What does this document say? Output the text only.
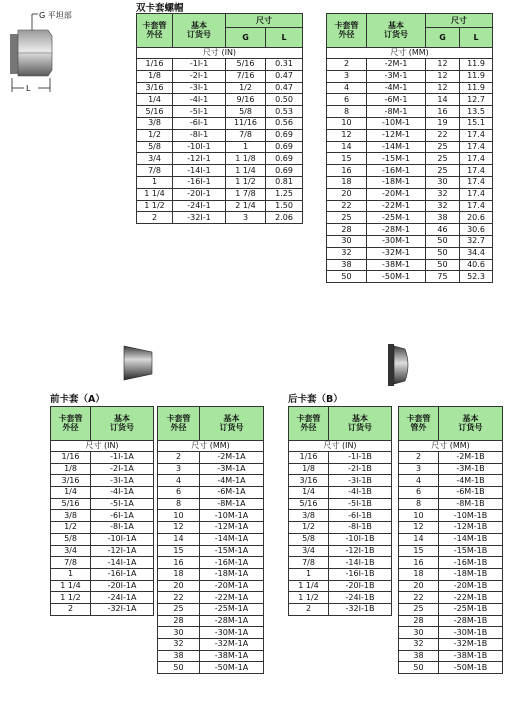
G 平坦部
L
双卡套螺帽
卡套管
外径	基本
订货号	尺寸	
		G	L
尺寸 (IN)			
1/16	-1I-1	5/16	0.31
1/8	-2I-1	7/16	0.47
3/16	-3I-1	1/2	0.47
1/4	-4I-1	9/16	0.50
5/16	-5I-1	5/8	0.53
3/8	-6I-1	11/16	0.56
1/2	-8I-1	7/8	0.69
5/8	-10I-1	1	0.69
3/4	-12I-1	1 1/8	0.69
7/8	-14I-1	1 1/4	0.69
1	-16I-1	1 1/2	0.81
1 1/4	-20I-1	1 7/8	1.25
1 1/2	-24I-1	2 1/4	1.50
2	-32I-1	3	2.06
卡套管
外径	基本
订货号	尺寸	
		G	L
尺寸 (MM)			
2	-2M-1	12	11.9
3	-3M-1	12	11.9
4	-4M-1	12	11.9
6	-6M-1	14	12.7
8	-8M-1	16	13.5
10	-10M-1	19	15.1
12	-12M-1	22	17.4
14	-14M-1	25	17.4
15	-15M-1	25	17.4
16	-16M-1	25	17.4
18	-18M-1	30	17.4
20	-20M-1	32	17.4
22	-22M-1	32	17.4
25	-25M-1	38	20.6
28	-28M-1	46	30.6
30	-30M-1	50	32.7
32	-32M-1	50	34.4
38	-38M-1	50	40.6
50	-50M-1	75	52.3
前卡套（A）
卡套管
外径	基本
订货号
尺寸 (IN)	
1/16	-1I-1A
1/8	-2I-1A
3/16	-3I-1A
1/4	-4I-1A
5/16	-5I-1A
3/8	-6I-1A
1/2	-8I-1A
5/8	-10I-1A
3/4	-12I-1A
7/8	-14I-1A
1	-16I-1A
1 1/4	-20I-1A
1 1/2	-24I-1A
2	-32I-1A
卡套管
外径	基本
订货号
尺寸 (MM)	
2	-2M-1A
3	-3M-1A
4	-4M-1A
6	-6M-1A
8	-8M-1A
10	-10M-1A
12	-12M-1A
14	-14M-1A
15	-15M-1A
16	-16M-1A
18	-18M-1A
20	-20M-1A
22	-22M-1A
25	-25M-1A
28	-28M-1A
30	-30M-1A
32	-32M-1A
38	-38M-1A
50	-50M-1A
后卡套（B）
卡套管
外径	基本
订货号
尺寸 (IN)	
1/16	-1I-1B
1/8	-2I-1B
3/16	-3I-1B
1/4	-4I-1B
5/16	-5I-1B
3/8	-6I-1B
1/2	-8I-1B
5/8	-10I-1B
3/4	-12I-1B
7/8	-14I-1B
1	-16I-1B
1 1/4	-20I-1B
1 1/2	-24I-1B
2	-32I-1B
卡套管
管外	基本
订货号
尺寸 (MM)	
2	-2M-1B
3	-3M-1B
4	-4M-1B
6	-6M-1B
8	-8M-1B
10	-10M-1B
12	-12M-1B
14	-14M-1B
15	-15M-1B
16	-16M-1B
18	-18M-1B
20	-20M-1B
22	-22M-1B
25	-25M-1B
28	-28M-1B
30	-30M-1B
32	-32M-1B
38	-38M-1B
50	-50M-1B
